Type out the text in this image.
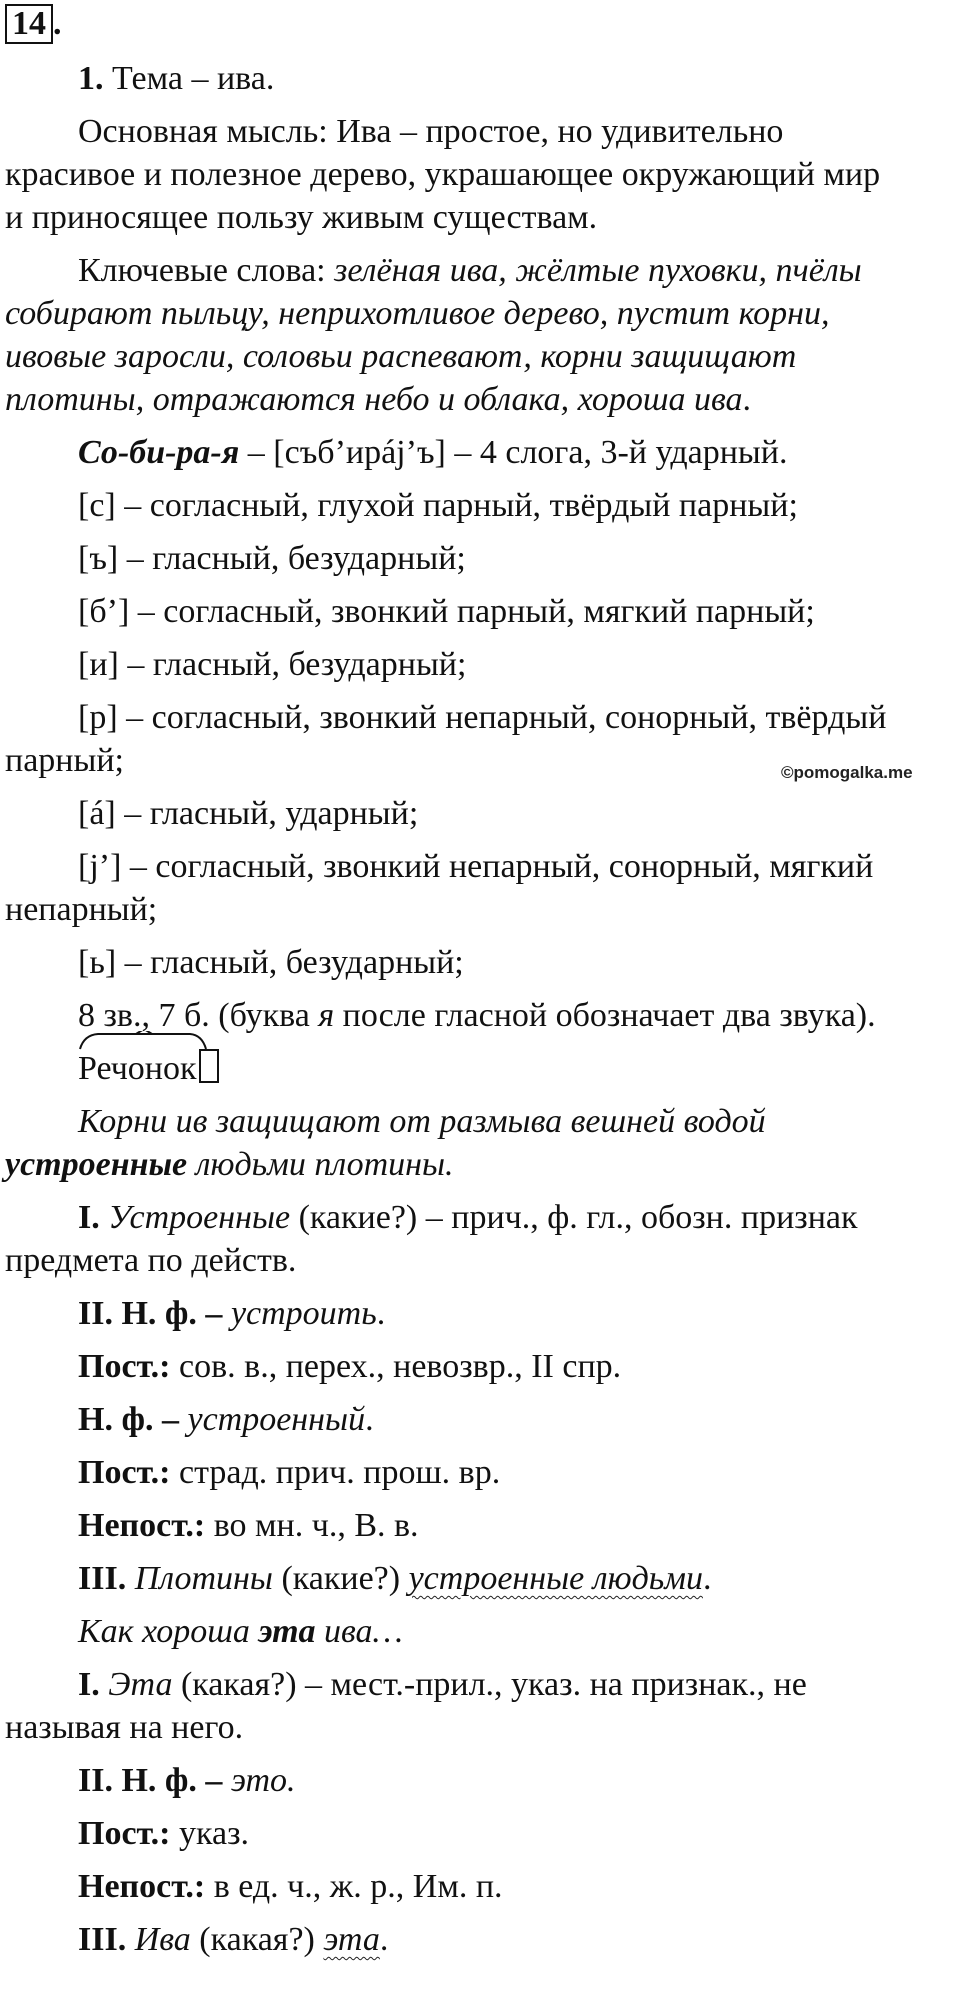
14 .
1. Тема – ива.
Основная мысль: Ива – простое, но удивительно
красивое и полезное дерево, украшающее окружающий мир
и приносящее пользу живым существам.
Ключевые слова: зелёная ива, жёлтые пуховки, пчёлы
собирают пыльцу, неприхотливое дерево, пустит корни,
ивовые заросли, соловьи распевают, корни защищают
плотины, отражаются небо и облака, хороша ива.
Со-би-ра-я – [съб’ирáj’ъ] – 4 слога, 3-й ударный.
[с] – согласный, глухой парный, твёрдый парный;
[ъ] – гласный, безударный;
[б’] – согласный, звонкий парный, мягкий парный;
[и] – гласный, безударный;
[р] – согласный, звонкий непарный, сонорный, твёрдый
парный;	©pomogalka.me
[á] – гласный, ударный;
[j’] – согласный, звонкий непарный, сонорный, мягкий
непарный;
[ь] – гласный, безударный;
8 зв., 7 б. (буква я после гласной обозначает два звука).
Речонок
Корни ив защищают от размыва вешней водой
устроенные людьми плотины.
I. Устроенные (какие?) – прич., ф. гл., обозн. признак
предмета по действ.
II. Н. ф. – устроить.
Пост.: сов. в., перех., невозвр., II спр.
Н. ф. – устроенный.
Пост.: страд. прич. прош. вр.
Непост.: во мн. ч., В. в.
III. Плотины (какие?) устроенные людьми.
Как хороша эта ива…
I. Эта (какая?) – мест.-прил., указ. на признак., не
называя на него.
II. Н. ф. – это.
Пост.: указ.
Непост.: в ед. ч., ж. р., Им. п.
III. Ива (какая?) эта.
